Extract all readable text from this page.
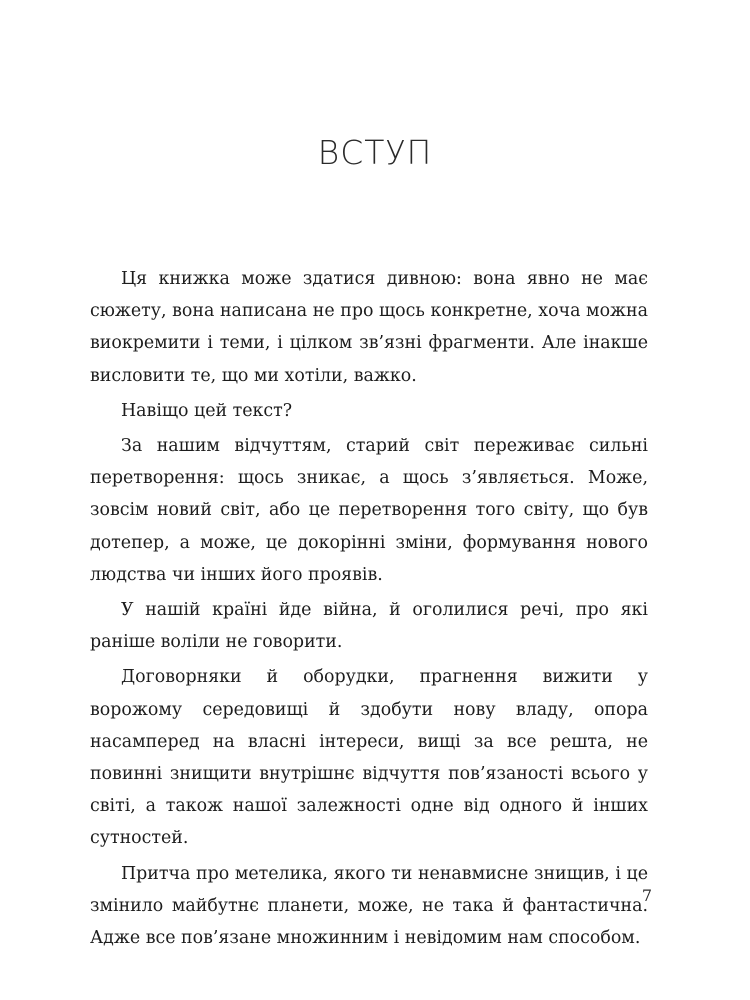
ВСТУП

Ця книжка може здатися дивною: вона явно не має сюжету, вона написана не про щось конкретне, хоча можна виокремити і теми, і цілком зв’язні фрагменти. Але інакше висловити те, що ми хотіли, важко.

Навіщо цей текст?

За нашим відчуттям, старий світ переживає сильні перетворення: щось зникає, а щось з’являється. Може, зовсім новий світ, або це перетворення того світу, що був дотепер, а може, це докорінні зміни, формування нового людства чи інших його проявів.

У нашій країні йде війна, й оголилися речі, про які раніше воліли не говорити.

Договорняки й оборудки, прагнення вижити у ворожому середовищі й здобути нову владу, опора насамперед на власні інтереси, вищі за все решта, не повинні знищити внутрішнє відчуття пов’язаності всього у світі, а також нашої залежності одне від одного й інших сутностей.

Притча про метелика, якого ти ненавмисне знищив, і це змінило майбутнє планети, може, не така й фантастична. Адже все пов’язане множинним і невідомим нам способом.

7
